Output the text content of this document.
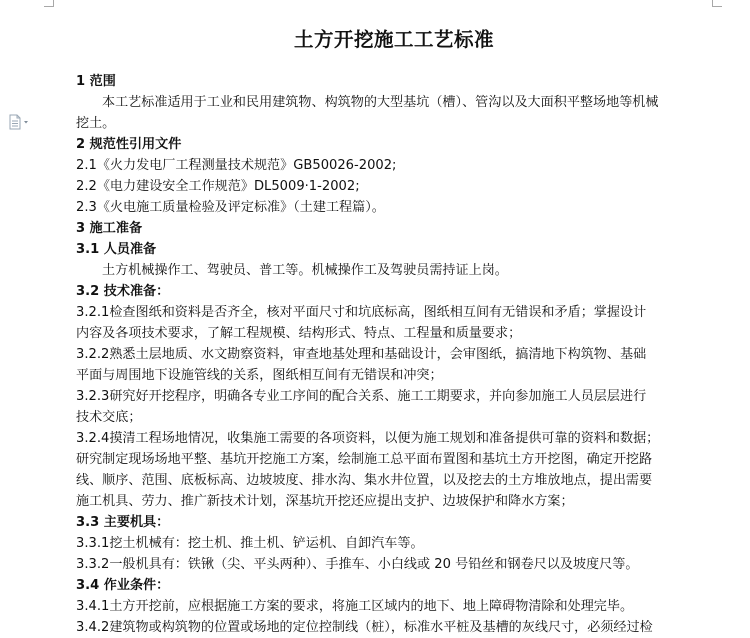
土方开挖施工工艺标准
1 范围
本工艺标准适用于工业和民用建筑物、构筑物的大型基坑（槽）、管沟以及大面积平整场地等机械
挖土。
2 规范性引用文件
2.1《火力发电厂工程测量技术规范》GB50026-2002;
2.2《电力建设安全工作规范》DL5009·1-2002;
2.3《火电施工质量检验及评定标准》（土建工程篇）。
3 施工准备
3.1 人员准备
土方机械操作工、驾驶员、普工等。机械操作工及驾驶员需持证上岗。
3.2 技术准备：
3.2.1检查图纸和资料是否齐全，核对平面尺寸和坑底标高，图纸相互间有无错误和矛盾；掌握设计
内容及各项技术要求，了解工程规模、结构形式、特点、工程量和质量要求；
3.2.2熟悉土层地质、水文勘察资料，审查地基处理和基础设计，会审图纸，搞清地下构筑物、基础
平面与周围地下设施管线的关系，图纸相互间有无错误和冲突；
3.2.3研究好开挖程序，明确各专业工序间的配合关系、施工工期要求，并向参加施工人员层层进行
技术交底；
3.2.4摸清工程场地情况，收集施工需要的各项资料，以便为施工规划和准备提供可靠的资料和数据；
研究制定现场场地平整、基坑开挖施工方案，绘制施工总平面布置图和基坑土方开挖图，确定开挖路
线、顺序、范围、底板标高、边坡坡度、排水沟、集水井位置，以及挖去的土方堆放地点，提出需要
施工机具、劳力、推广新技术计划，深基坑开挖还应提出支护、边坡保护和降水方案；
3.3 主要机具：
3.3.1挖土机械有：挖土机、推土机、铲运机、自卸汽车等。
3.3.2一般机具有：铁锹（尖、平头两种）、手推车、小白线或 20 号铅丝和钢卷尺以及坡度尺等。
3.4 作业条件：
3.4.1土方开挖前，应根据施工方案的要求，将施工区域内的地下、地上障碍物清除和处理完毕。
3.4.2建筑物或构筑物的位置或场地的定位控制线（桩），标准水平桩及基槽的灰线尺寸，必须经过检
